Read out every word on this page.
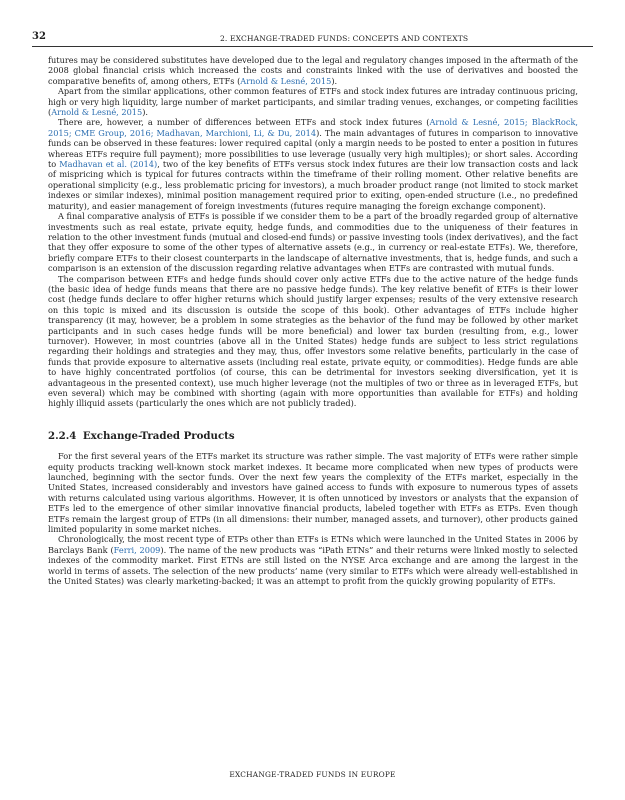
32	2. EXCHANGE-TRADED FUNDS: CONCEPTS AND CONTEXTS

futures may be considered substitutes have developed due to the legal and regulatory changes imposed in the aftermath of the 2008 global financial crisis which increased the costs and constraints linked with the use of derivatives and boosted the comparative benefits of, among others, ETFs (Arnold & Lesné, 2015).

Apart from the similar applications, other common features of ETFs and stock index futures are intraday continuous pricing, high or very high liquidity, large number of market participants, and similar trading venues, exchanges, or competing facilities (Arnold & Lesné, 2015).

There are, however, a number of differences between ETFs and stock index futures (Arnold & Lesné, 2015; BlackRock, 2015; CME Group, 2016; Madhavan, Marchioni, Li, & Du, 2014). The main advantages of futures in comparison to innovative funds can be observed in these features: lower required capital (only a margin needs to be posted to enter a position in futures whereas ETFs require full payment); more possibilities to use leverage (usually very high multiples); or short sales. According to Madhavan et al. (2014), two of the key benefits of ETFs versus stock index futures are their low transaction costs and lack of mispricing which is typical for futures contracts within the timeframe of their rolling moment. Other relative benefits are operational simplicity (e.g., less problematic pricing for investors), a much broader product range (not limited to stock market indexes or similar indexes), minimal position management required prior to exiting, open-ended structure (i.e., no predefined maturity), and easier management of foreign investments (futures require managing the foreign exchange component).

A final comparative analysis of ETFs is possible if we consider them to be a part of the broadly regarded group of alternative investments such as real estate, private equity, hedge funds, and commodities due to the uniqueness of their features in relation to the other investment funds (mutual and closed-end funds) or passive investing tools (index derivatives), and the fact that they offer exposure to some of the other types of alternative assets (e.g., in currency or real-estate ETFs). We, therefore, briefly compare ETFs to their closest counterparts in the landscape of alternative investments, that is, hedge funds, and such a comparison is an extension of the discussion regarding relative advantages when ETFs are contrasted with mutual funds.

The comparison between ETFs and hedge funds should cover only active ETFs due to the active nature of the hedge funds (the basic idea of hedge funds means that there are no passive hedge funds). The key relative benefit of ETFs is their lower cost (hedge funds declare to offer higher returns which should justify larger expenses; results of the very extensive research on this topic is mixed and its discussion is outside the scope of this book). Other advantages of ETFs include higher transparency (it may, however, be a problem in some strategies as the behavior of the fund may be followed by other market participants and in such cases hedge funds will be more beneficial) and lower tax burden (resulting from, e.g., lower turnover). However, in most countries (above all in the United States) hedge funds are subject to less strict regulations regarding their holdings and strategies and they may, thus, offer investors some relative benefits, particularly in the case of funds that provide exposure to alternative assets (including real estate, private equity, or commodities). Hedge funds are able to have highly concentrated portfolios (of course, this can be detrimental for investors seeking diversification, yet it is advantageous in the presented context), use much higher leverage (not the multiples of two or three as in leveraged ETFs, but even several) which may be combined with shorting (again with more opportunities than available for ETFs) and holding highly illiquid assets (particularly the ones which are not publicly traded).

2.2.4 Exchange-Traded Products

For the first several years of the ETFs market its structure was rather simple. The vast majority of ETFs were rather simple equity products tracking well-known stock market indexes. It became more complicated when new types of products were launched, beginning with the sector funds. Over the next few years the complexity of the ETFs market, especially in the United States, increased considerably and investors have gained access to funds with exposure to numerous types of assets with returns calculated using various algorithms. However, it is often unnoticed by investors or analysts that the expansion of ETFs led to the emergence of other similar innovative financial products, labeled together with ETFs as ETPs. Even though ETFs remain the largest group of ETPs (in all dimensions: their number, managed assets, and turnover), other products gained limited popularity in some market niches.

Chronologically, the most recent type of ETPs other than ETFs is ETNs which were launched in the United States in 2006 by Barclays Bank (Ferri, 2009). The name of the new products was “iPath ETNs” and their returns were linked mostly to selected indexes of the commodity market. First ETNs are still listed on the NYSE Arca exchange and are among the largest in the world in terms of assets. The selection of the new products’ name (very similar to ETFs which were already well-established in the United States) was clearly marketing-backed; it was an attempt to profit from the quickly growing popularity of ETFs.

EXCHANGE-TRADED FUNDS IN EUROPE
